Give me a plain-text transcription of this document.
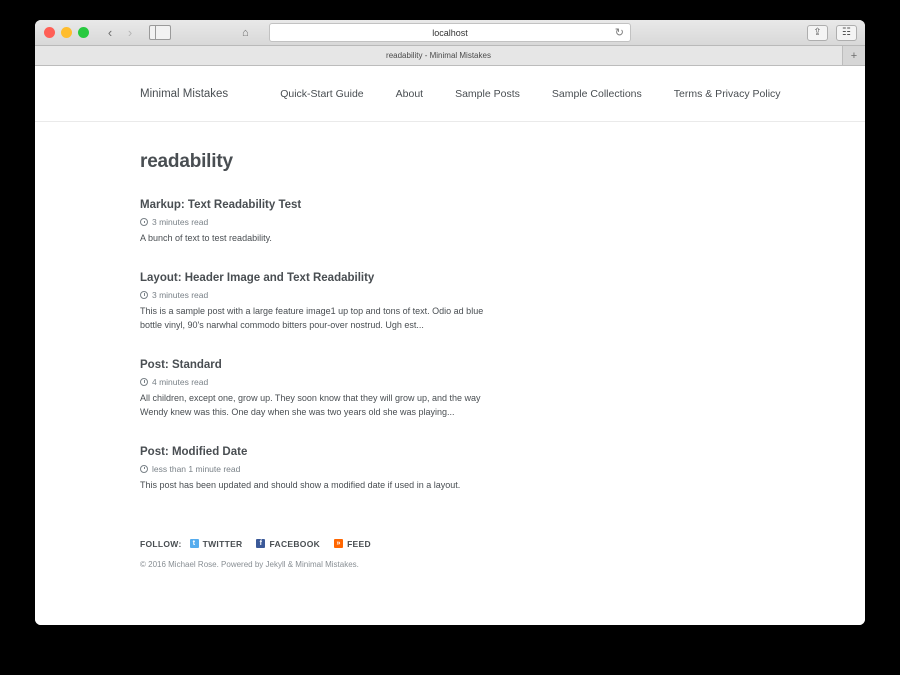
‹	›	⌂	localhost	↻	⇪	☷
readability - Minimal Mistakes	+
Minimal Mistakes	Quick-Start Guide	About	Sample Posts	Sample Collections	Terms & Privacy Policy
readability
Markup: Text Readability Test
3 minutes read

A bunch of text to test readability.

Layout: Header Image and Text Readability
3 minutes read

This is a sample post with a large feature image1 up top and tons of text. Odio ad blue bottle vinyl, 90's narwhal commodo bitters pour-over nostrud. Ugh est...

Post: Standard
4 minutes read

All children, except one, grow up. They soon know that they will grow up, and the way Wendy knew was this. One day when she was two years old she was playing...

Post: Modified Date
less than 1 minute read

This post has been updated and should show a modified date if used in a layout.

FOLLOW:	t TWITTER	f FACEBOOK	» FEED
© 2016 Michael Rose. Powered by Jekyll & Minimal Mistakes.
